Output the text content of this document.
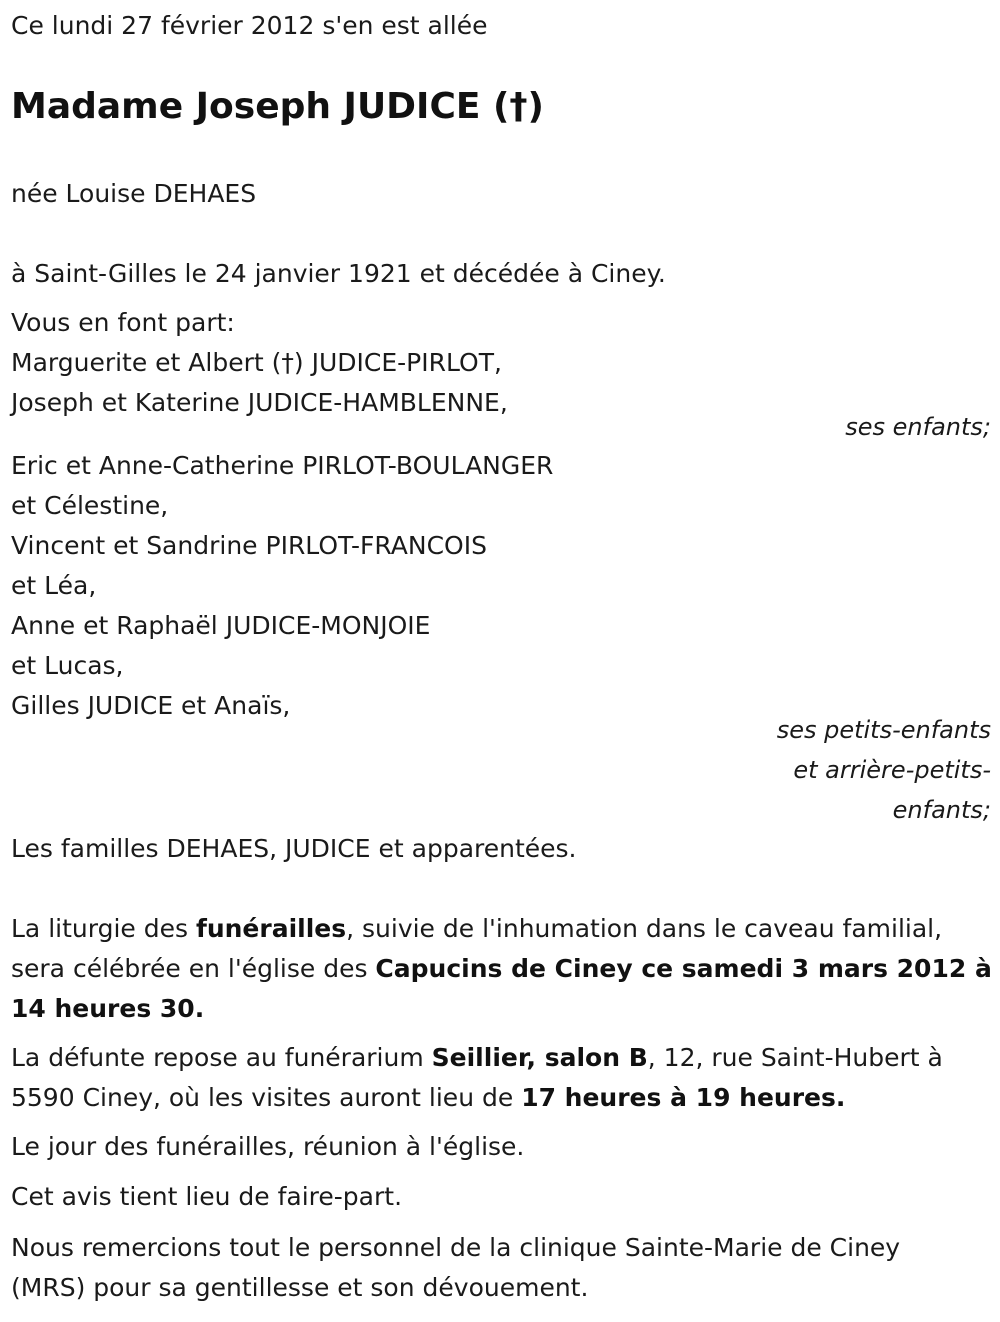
Ce lundi 27 février 2012 s'en est allée
Madame Joseph JUDICE (†)
née Louise DEHAES
à Saint-Gilles le 24 janvier 1921 et décédée à Ciney.
Vous en font part:
Marguerite et Albert (†) JUDICE-PIRLOT,
Joseph et Katerine JUDICE-HAMBLENNE,
ses enfants;
Eric et Anne-Catherine PIRLOT-BOULANGER
et Célestine,
Vincent et Sandrine PIRLOT-FRANCOIS
et Léa,
Anne et Raphaël JUDICE-MONJOIE
et Lucas,
Gilles JUDICE et Anaïs,
ses petits-enfants
et arrière-petits-
enfants;
Les familles DEHAES, JUDICE et apparentées.
La liturgie des funérailles, suivie de l'inhumation dans le caveau familial,
sera célébrée en l'église des Capucins de Ciney ce samedi 3 mars 2012 à
14 heures 30.
La défunte repose au funérarium Seillier, salon B, 12, rue Saint-Hubert à
5590 Ciney, où les visites auront lieu de 17 heures à 19 heures.
Le jour des funérailles, réunion à l'église.
Cet avis tient lieu de faire-part.
Nous remercions tout le personnel de la clinique Sainte-Marie de Ciney
(MRS) pour sa gentillesse et son dévouement.
